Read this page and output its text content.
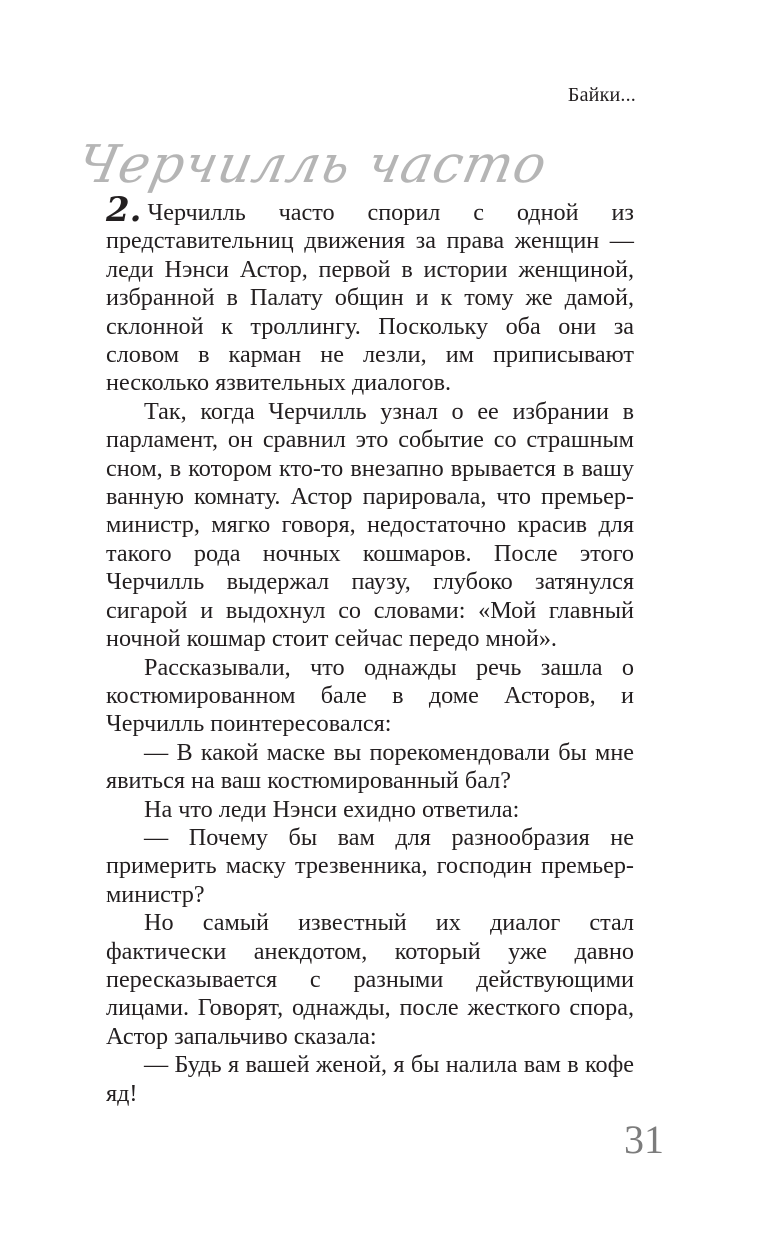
Байки...
Черчилль часто

2. Черчилль часто спорил с одной из представительниц движения за права женщин — леди Нэнси Астор, первой в истории женщиной, избранной в Палату общин и к тому же дамой, склонной к троллингу. Поскольку оба они за словом в карман не лезли, им приписывают несколько язвительных диалогов.

Так, когда Черчилль узнал о ее избрании в парламент, он сравнил это событие со страшным сном, в котором кто-то внезапно врывается в вашу ванную комнату. Астор парировала, что премьер-министр, мягко говоря, недостаточно красив для такого рода ночных кошмаров. После этого Черчилль выдержал паузу, глубоко затянулся сигарой и выдохнул со словами: «Мой главный ночной кошмар стоит сейчас передо мной».

Рассказывали, что однажды речь зашла о костюмированном бале в доме Асторов, и Черчилль поинтересовался:

— В какой маске вы порекомендовали бы мне явиться на ваш костюмированный бал?

На что леди Нэнси ехидно ответила:

— Почему бы вам для разнообразия не примерить маску трезвенника, господин премьер-министр?

Но самый известный их диалог стал фактически анекдотом, который уже давно пересказывается с разными действующими лицами. Говорят, однажды, после жесткого спора, Астор запальчиво сказала:

— Будь я вашей женой, я бы налила вам в кофе яд!

31
